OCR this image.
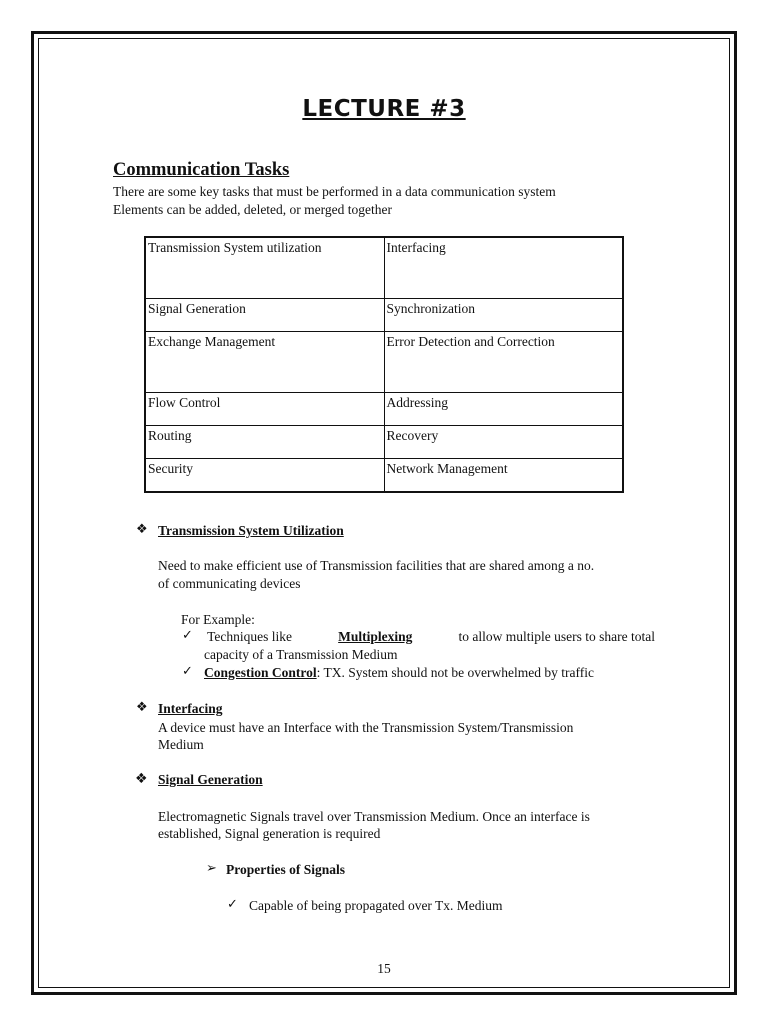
LECTURE #3
Communication Tasks
There are some key tasks that must be performed in a data communication system
Elements can be added, deleted, or merged together
Transmission System utilization	Interfacing
Signal Generation	Synchronization
Exchange Management	Error Detection and Correction
Flow Control	Addressing
Routing	Recovery
Security	Network Management
❖ Transmission System Utilization
Need to make efficient use of Transmission facilities that are shared among a no.
of communicating devices
For Example:
✓ Techniques like	Multiplexing	to allow multiple users to share total
capacity of a Transmission Medium
✓ Congestion Control: TX. System should not be overwhelmed by traffic
❖ Interfacing
A device must have an Interface with the Transmission System/Transmission
Medium
❖ Signal Generation
Electromagnetic Signals travel over Transmission Medium. Once an interface is
established, Signal generation is required
➢ Properties of Signals
✓ Capable of being propagated over Tx. Medium
15
